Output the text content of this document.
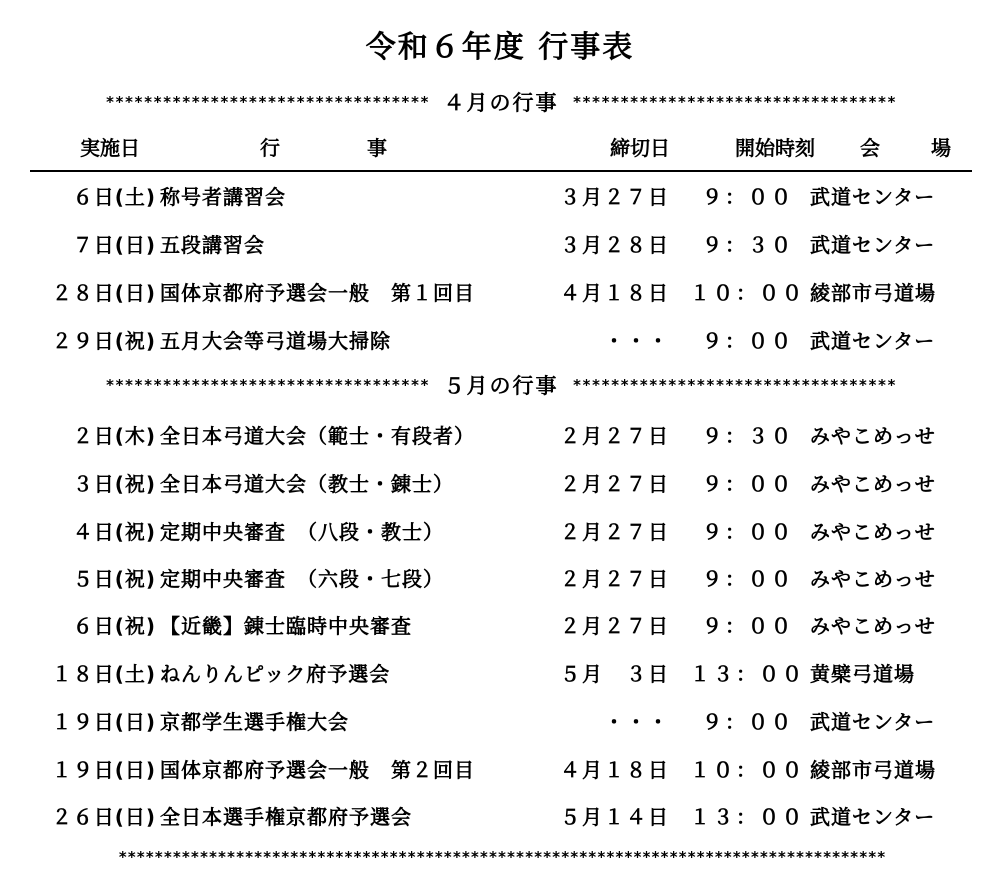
令和６年度 行事表
********************************** ４月の行事 **********************************
実施日	行 事	締切日	開始時刻	会 場
６日(土) 称号者講習会	３月２７日	９：００ 武道センター
７日(日) 五段講習会	３月２８日	９：３０ 武道センター
２８日(日) 国体京都府予選会一般　第１回目	４月１８日 １０：００ 綾部市弓道場
２９日(祝) 五月大会等弓道場大掃除	・・・	９：００ 武道センター
********************************** ５月の行事 **********************************
２日(木) 全日本弓道大会（範士・有段者）	２月２７日	９：３０ みやこめっせ
３日(祝) 全日本弓道大会（教士・錬士）	２月２７日	９：００ みやこめっせ
４日(祝) 定期中央審査　（八段・教士）	２月２７日	９：００ みやこめっせ
５日(祝) 定期中央審査　（六段・七段）	２月２７日	９：００ みやこめっせ
６日(祝) 【近畿】錬士臨時中央審査	２月２７日	９：００ みやこめっせ
１８日(土) ねんりんピック府予選会	５月　３日 １３：００ 黄檗弓道場
１９日(日) 京都学生選手権大会	・・・	９：００ 武道センター
１９日(日) 国体京都府予選会一般　第２回目	４月１８日 １０：００ 綾部市弓道場
２６日(日) 全日本選手権京都府予選会	５月１４日 １３：００ 武道センター
*************************************************************************************
